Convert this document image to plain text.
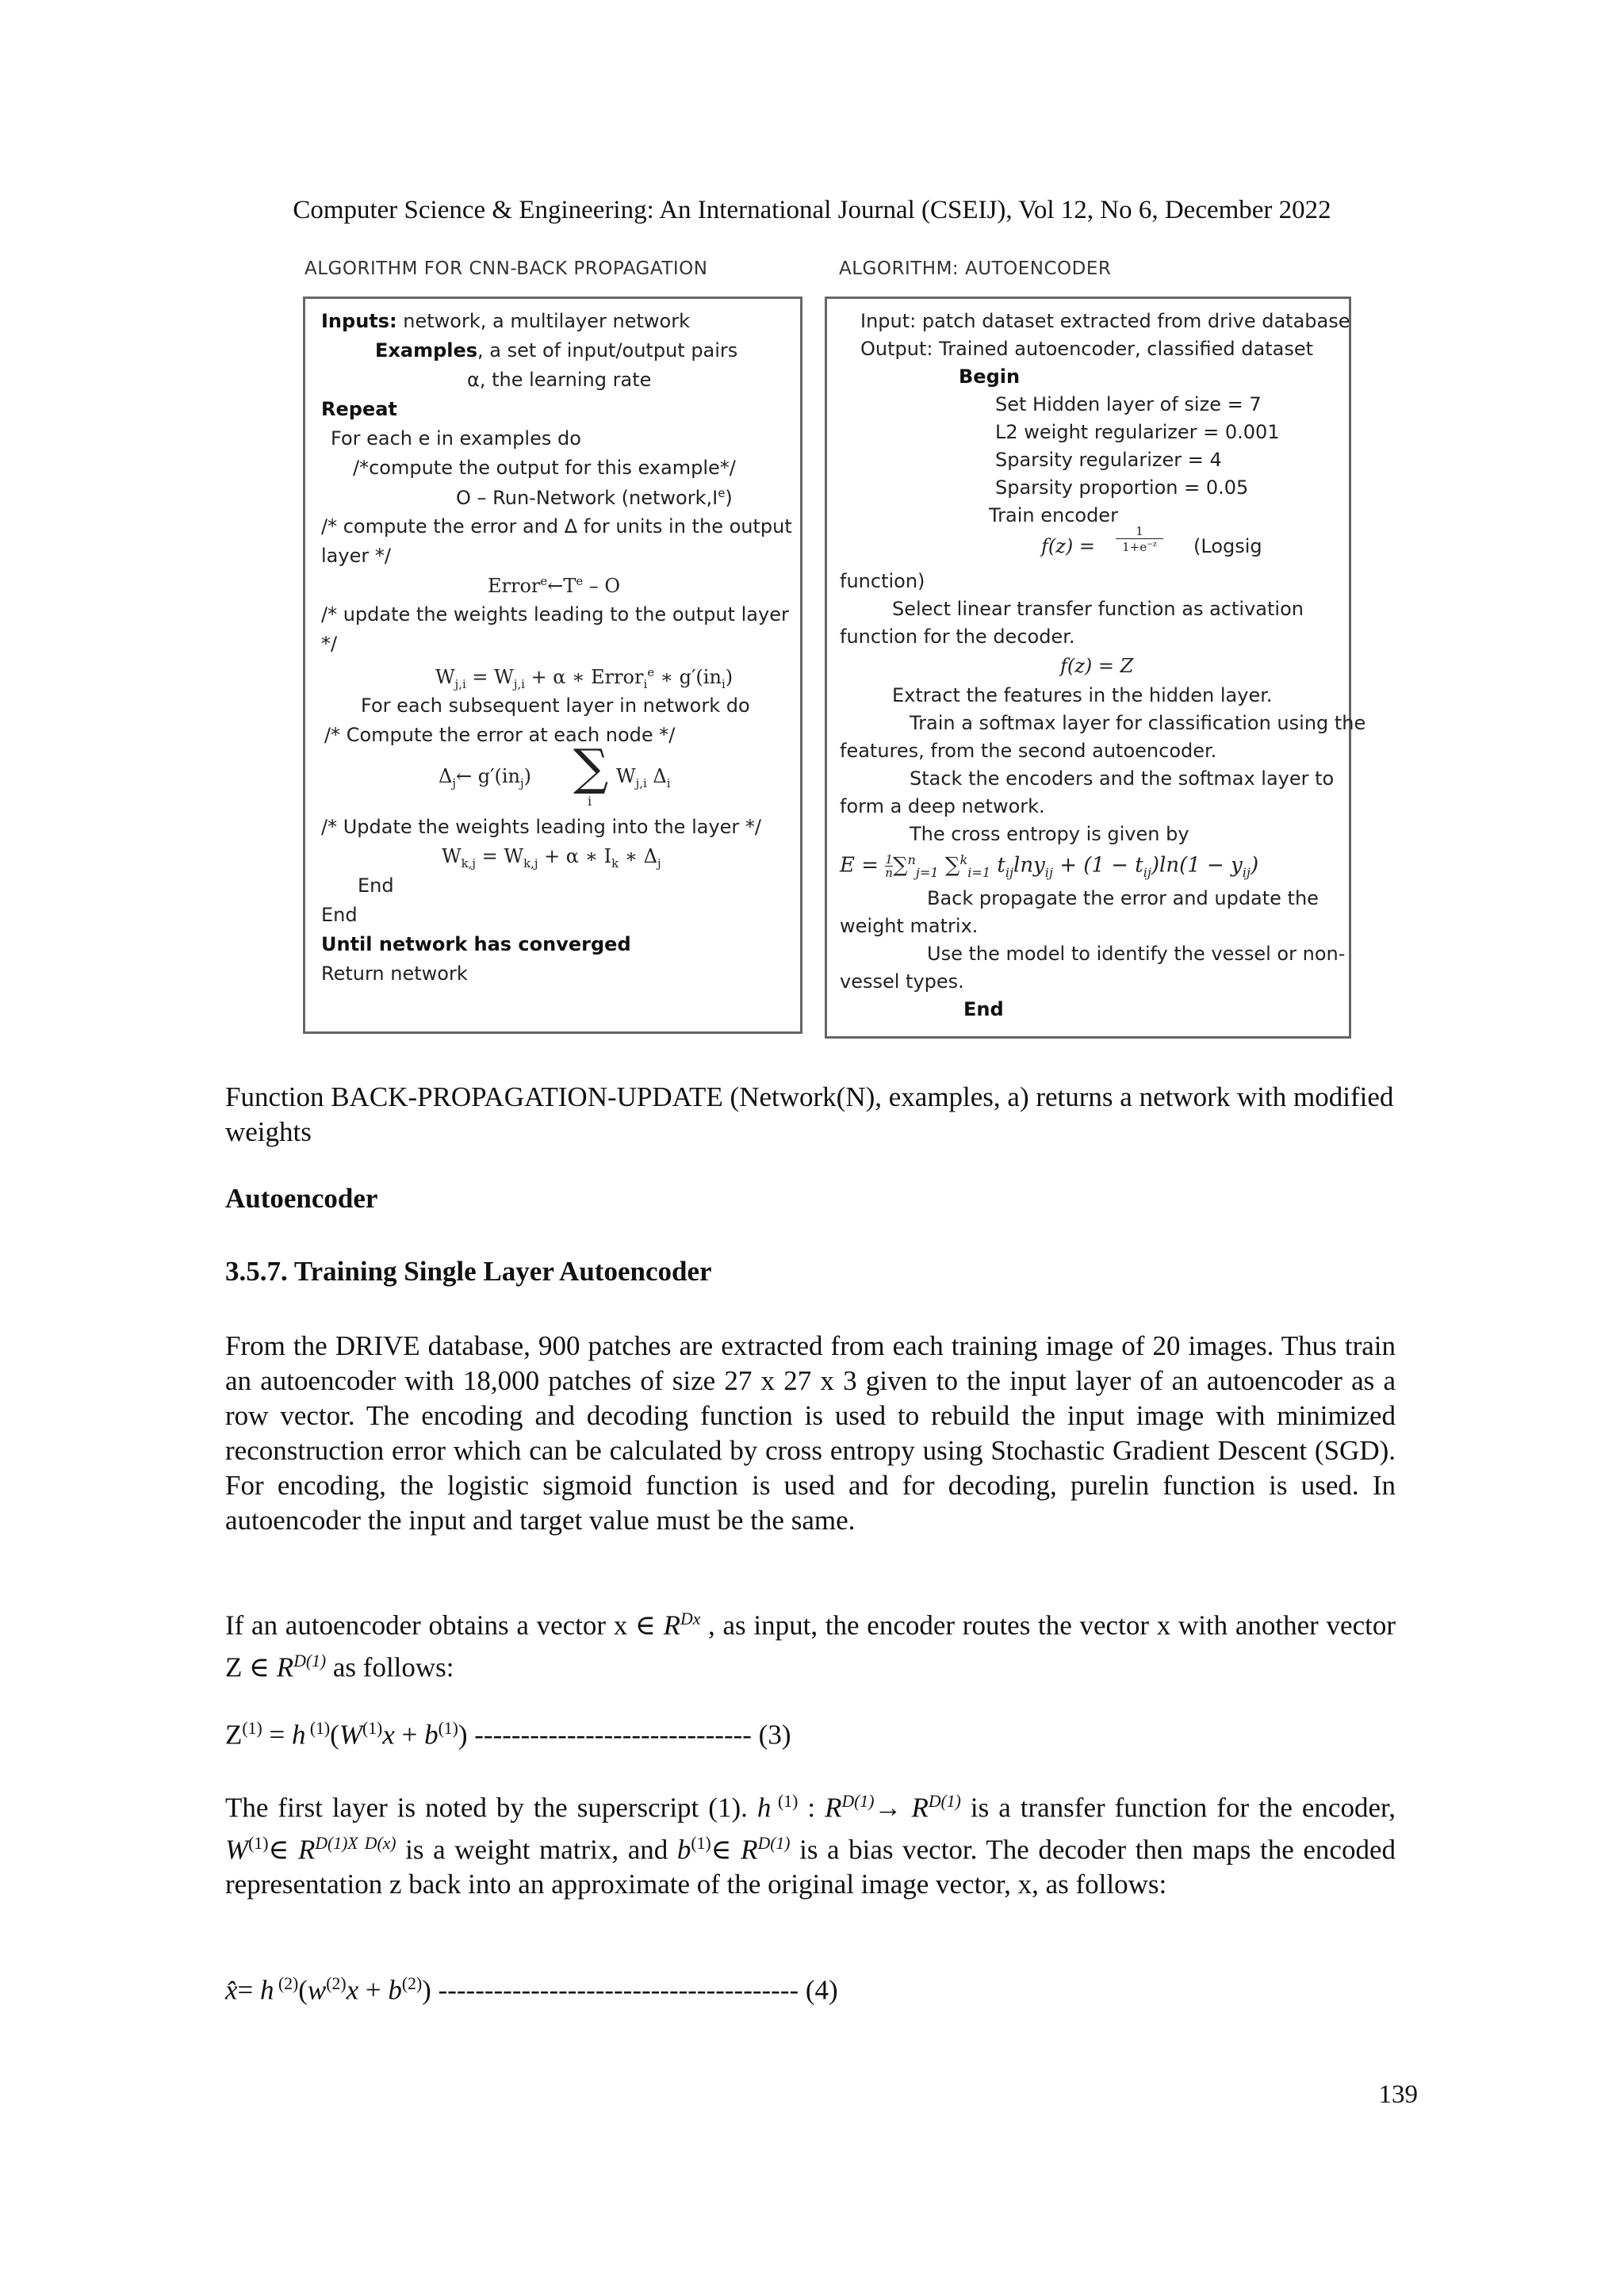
Computer Science & Engineering: An International Journal (CSEIJ), Vol 12, No 6, December 2022
ALGORITHM FOR CNN-BACK PROPAGATION
Inputs: network, a multilayer network
Examples, a set of input/output pairs
α, the learning rate
Repeat
For each e in examples do
/*compute the output for this example*/
O – Run-Network (network,Ie)
/* compute the error and Δ for units in the output
layer */
$Error^e\leftarrow T^e$ – O
/* update the weights leading to the output layer
*/
$W_{j,i} = W_{j,i} + \alpha$ ∗ Error$_i^e$ ∗ $g'(in_i)$
For each subsequent layer in network do
/* Compute the error at each node */
$\Delta_j\leftarrow$ $g'(in_j)$ ∑
i
$W_{j,i}$ $\Delta_i$
/* Update the weights leading into the layer */
$W_{k,j} = W_{k,j} + \alpha$ ∗ $I_k$ ∗ $\Delta_j$
End
End
Until network has converged
Return network
ALGORITHM: AUTOENCODER
Input: patch dataset extracted from drive database
Output: Trained autoencoder, classified dataset
Begin
Set Hidden layer of size = 7
L2 weight regularizer = 0.001
Sparsity regularizer = 4
Sparsity proportion = 0.05
Train encoder
f(z) =
1
$1+e^{-z}$	(Logsig
function)
Select linear transfer function as activation
function for the decoder.
f(z) = Z
Extract the features in the hidden layer.
Train a softmax layer for classification using the
features, from the second autoencoder.
Stack the encoders and the softmax layer to
form a deep network.
The cross entropy is given by
$E = \frac{1}{n} \sum^n_{j=1}$ ∑$^k_{i=1}$ $t_{ij}\ln y_{ij} + (1 - t_{ij})\ln(1 - y_{ij})$
Back propagate the error and update the
weight matrix.
Use the model to identify the vessel or non-
vessel types.
End
Function BACK-PROPAGATION-UPDATE (Network(N), examples, a) returns a network with modified weights
Autoencoder
3.5.7. Training Single Layer Autoencoder
From the DRIVE database, 900 patches are extracted from each training image of 20 images. Thus train an autoencoder with 18,000 patches of size 27 x 27 x 3 given to the input layer of an autoencoder as a row vector. The encoding and decoding function is used to rebuild the input image with minimized reconstruction error which can be calculated by cross entropy using Stochastic Gradient Descent (SGD). For encoding, the logistic sigmoid function is used and for decoding, purelin function is used. In autoencoder the input and target value must be the same.
If an autoencoder obtains a vector x ∈ $R^{Dx}$ , as input, the encoder routes the vector x with another vector Z ∈ $R^{D(1)}$ as follows:
$Z^{(1)} = h$ $^{(1)}(W^{(1)}x + b^{(1)})$ ------------------------------ (3)
The first layer is noted by the superscript (1). h $^{(1)}$ : $R^{D(1)}\to R^{D(1)}$ is a transfer function for the encoder, $W^{(1)}\in$ $R^{D(1)X D(x)}$ is a weight matrix, and $b^{(1)}\in$ $R^{D(1)}$ is a bias vector. The decoder then maps the encoded representation z back into an approximate of the original image vector, x, as follows:
x̂= h $^{(2)}(w^{(2)}x + b^{(2)})$ --------------------------------------- (4)
139
